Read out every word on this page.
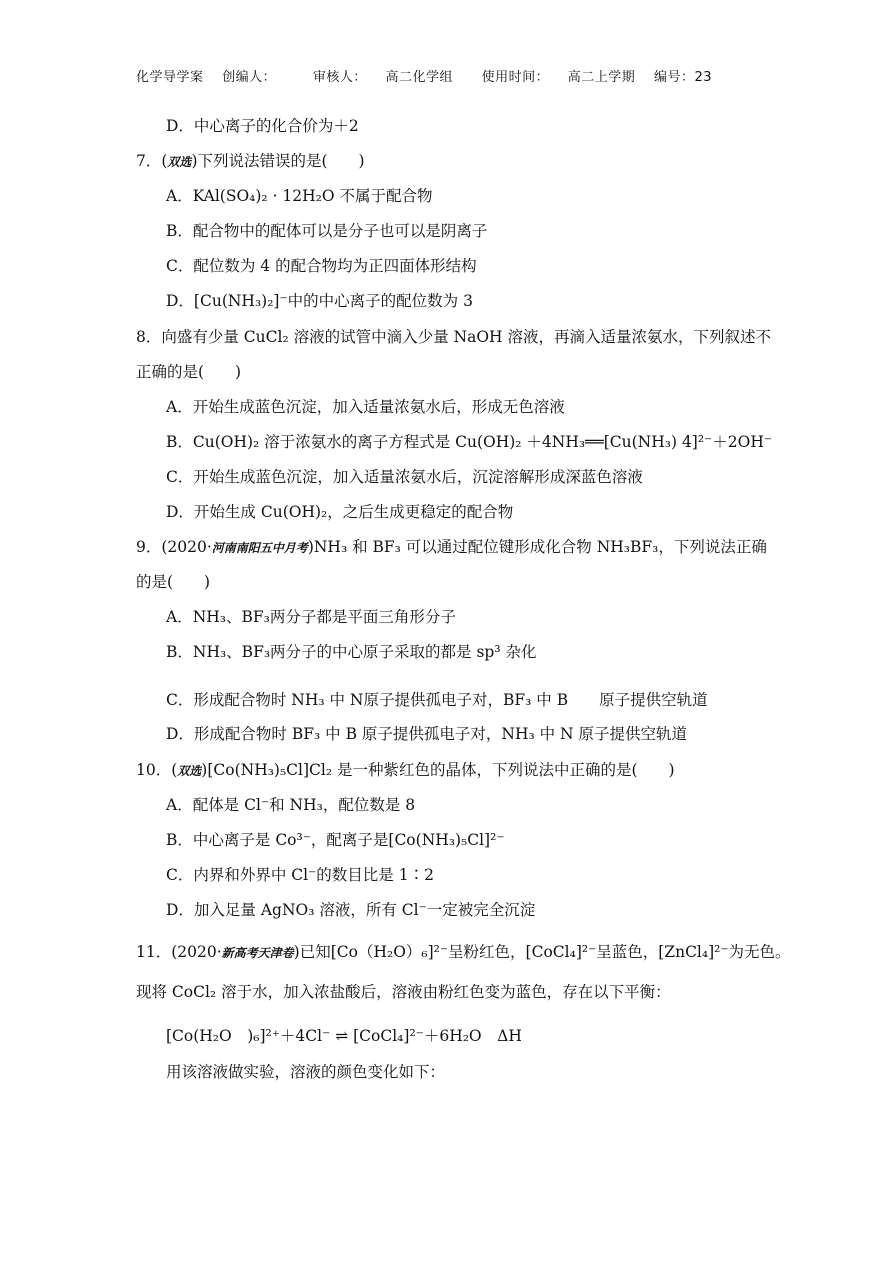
化学导学案 创编人：	审核人： 高二化学组 使用时间： 高二上学期 编号：23
D．中心离子的化合价为＋2
7．(双选)下列说法错误的是(　　)
A．KAl(SO₄)₂ · 12H₂O 不属于配合物
B．配合物中的配体可以是分子也可以是阴离子
C．配位数为 4 的配合物均为正四面体形结构
D．[Cu(NH₃)₂]⁻中的中心离子的配位数为 3
8．向盛有少量 CuCl₂ 溶液的试管中滴入少量 NaOH 溶液，再滴入适量浓氨水，下列叙述不
正确的是(　　)
A．开始生成蓝色沉淀，加入适量浓氨水后，形成无色溶液
B．Cu(OH)₂ 溶于浓氨水的离子方程式是 Cu(OH)₂ ＋4NH₃══[Cu(NH₃) 4]²⁻＋2OH⁻
C．开始生成蓝色沉淀，加入适量浓氨水后，沉淀溶解形成深蓝色溶液
D．开始生成 Cu(OH)₂，之后生成更稳定的配合物
9．(2020·河南南阳五中月考)NH₃ 和 BF₃ 可以通过配位键形成化合物 NH₃BF₃，下列说法正确
的是(　　)
A．NH₃、BF₃两分子都是平面三角形分子
B．NH₃、BF₃两分子的中心原子采取的都是 sp³ 杂化
C．形成配合物时 NH₃ 中 N原子提供孤电子对，BF₃ 中 B　　原子提供空轨道
D．形成配合物时 BF₃ 中 B 原子提供孤电子对，NH₃ 中 N 原子提供空轨道
10．(双选)[Co(NH₃)₅Cl]Cl₂ 是一种紫红色的晶体，下列说法中正确的是(　　)
A．配体是 Cl⁻和 NH₃，配位数是 8
B．中心离子是 Co³⁻，配离子是[Co(NH₃)₅Cl]²⁻
C．内界和外界中 Cl⁻的数目比是 1∶2
D．加入足量 AgNO₃ 溶液，所有 Cl⁻一定被完全沉淀
11．(2020·新高考天津卷)已知[Co（H₂O）₆]²⁻呈粉红色，[CoCl₄]²⁻呈蓝色，[ZnCl₄]²⁻为无色。
现将 CoCl₂ 溶于水，加入浓盐酸后，溶液由粉红色变为蓝色，存在以下平衡：
[Co(H₂O　)₆]²⁺＋4Cl⁻ ⇌ [CoCl₄]²⁻＋6H₂O　ΔH
用该溶液做实验，溶液的颜色变化如下：
